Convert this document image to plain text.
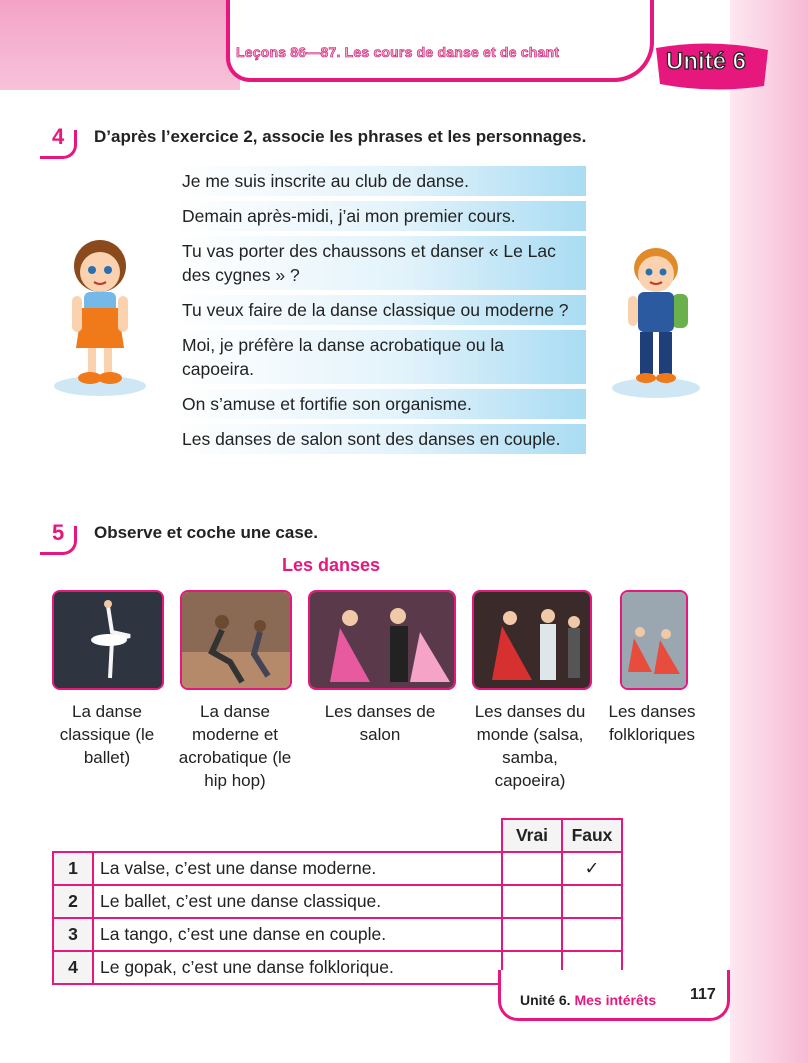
Leçons 86—87. Les cours de danse et de chant	Unité 6
4 D’après l’exercice 2, associe les phrases et les personnages.
Je me suis inscrite au club de danse.
Demain après-midi, j’ai mon premier cours.
Tu vas porter des chaussons et danser « Le Lac des cygnes » ?
Tu veux faire de la danse classique ou moderne ?
Moi, je préfère la danse acrobatique ou la capoeira.
On s’amuse et fortifie son organisme.
Les danses de salon sont des danses en couple.
5 Observe et coche une case.
Les danses
La danse classique (le ballet)
La danse moderne et acrobatique (le hip hop)
Les danses de salon
Les danses du monde (salsa, samba, capoeira)
Les danses folkloriques
		Vrai	Faux
1	La valse, c’est une danse moderne.		✓
2	Le ballet, c’est une danse classique.		
3	La tango, c’est une danse en couple.		
4	Le gopak, c’est une danse folklorique.		
Unité 6. Mes intérêts 117
